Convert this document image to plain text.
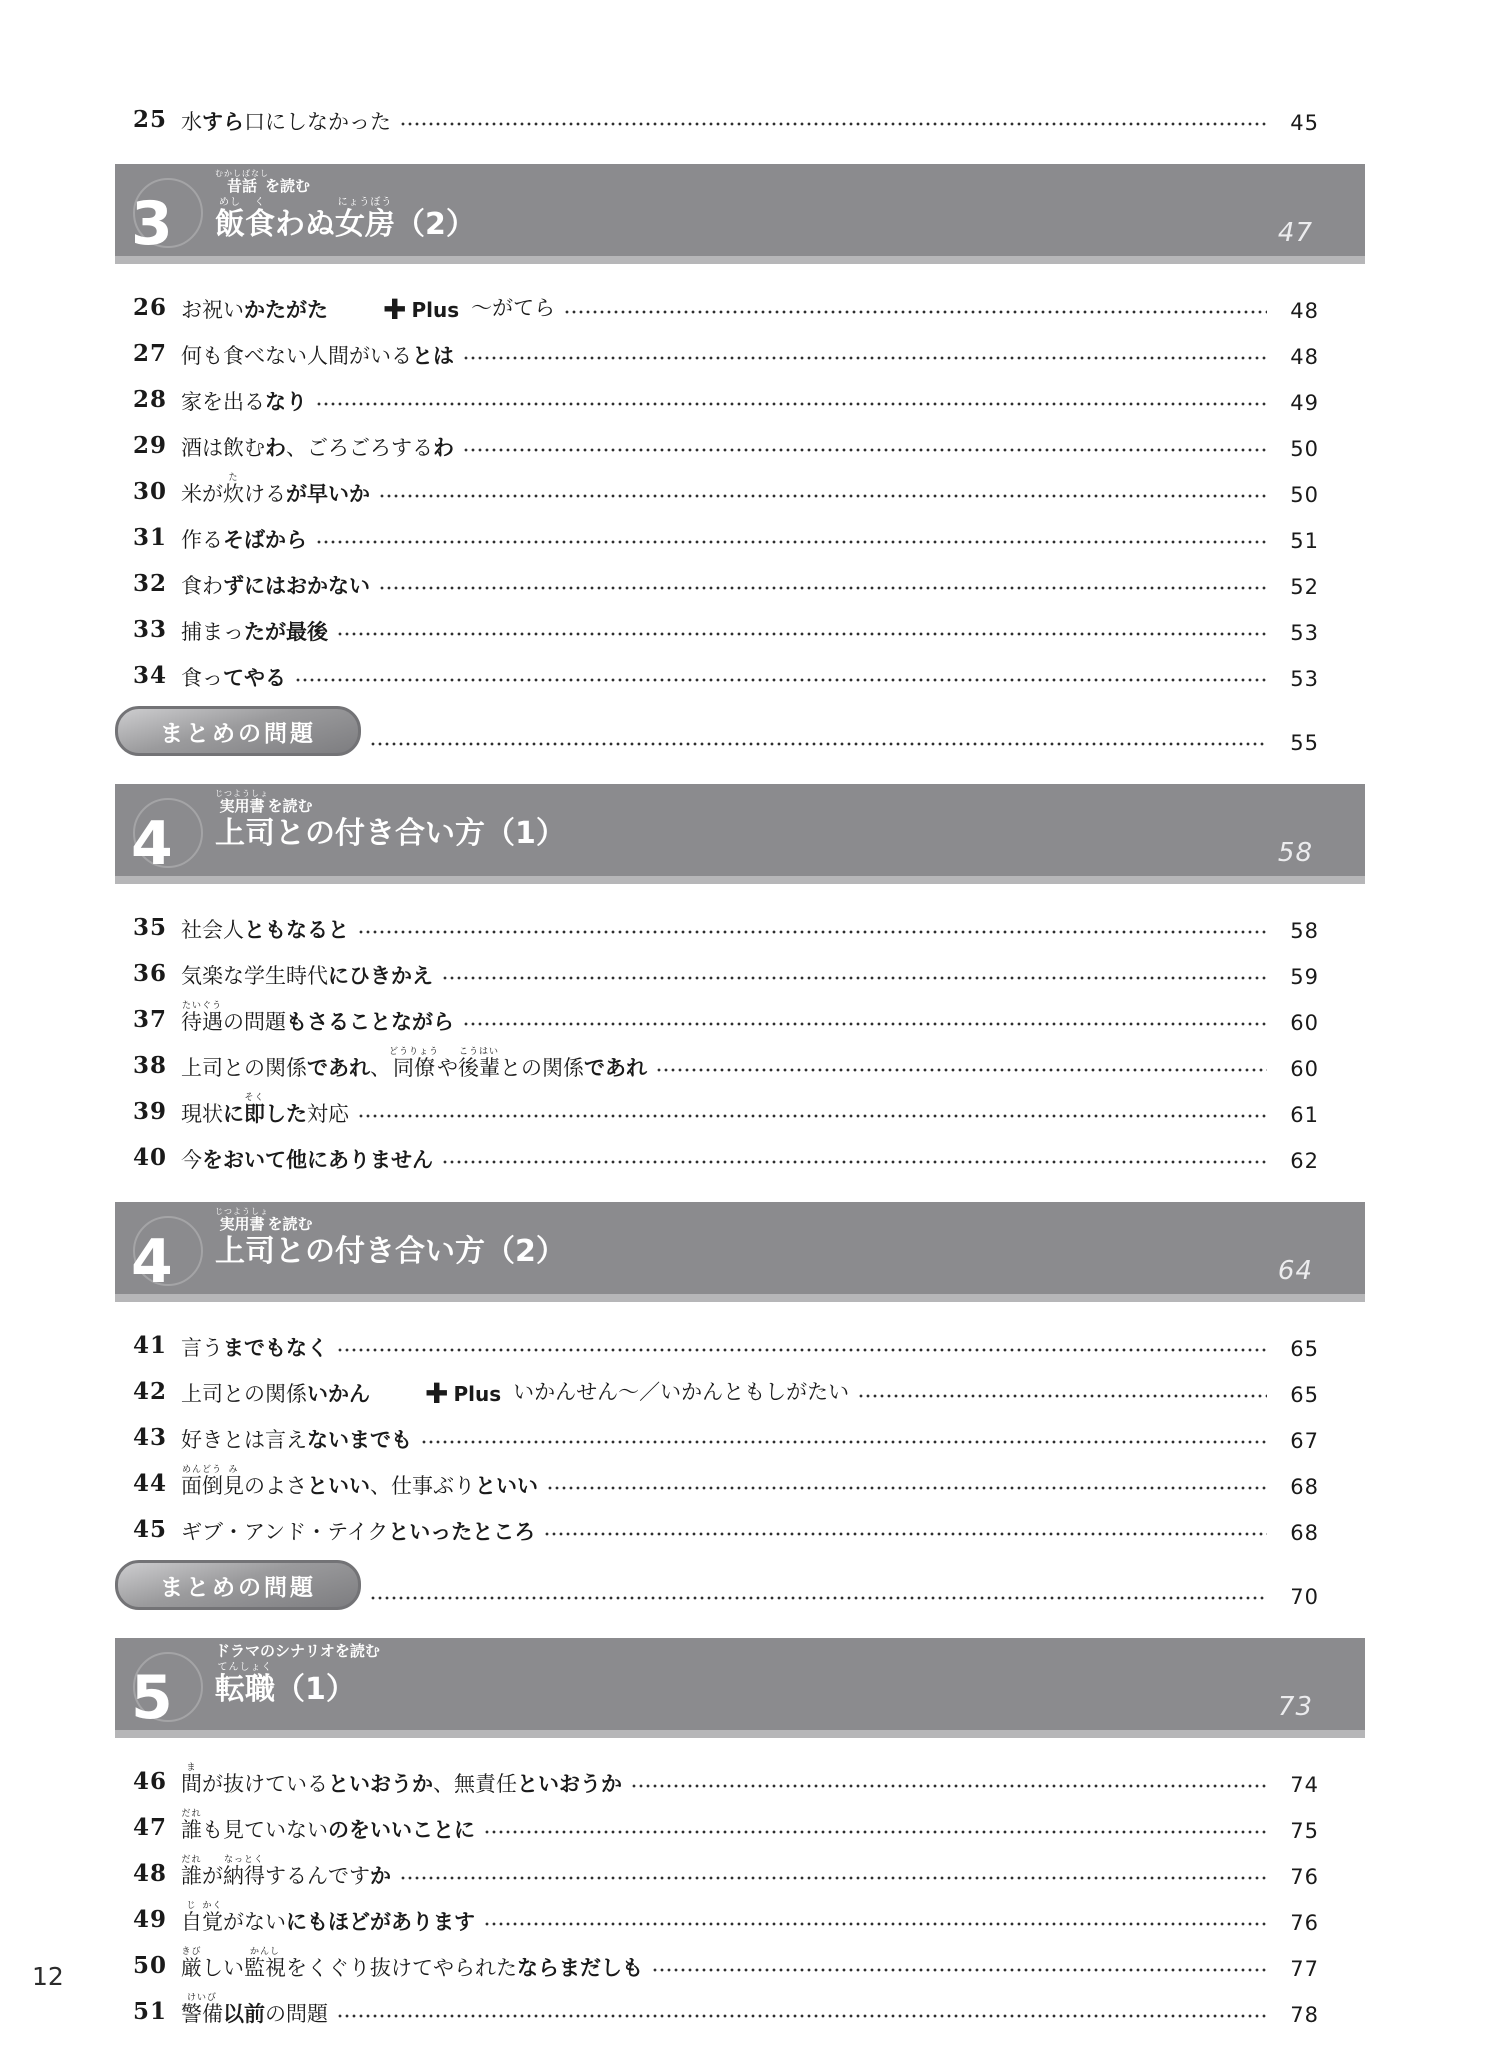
25 水すら口にしなかった	45
3
昔話むかしばなしを読む
飯めし食くわぬ女房にょうぼう（2）	47
26 お祝いかたがた ✚ Plus ～がてら	48
27 何も食べない人間がいるとは	48
28 家を出るなり	49
29 酒は飲むわ、ごろごろするわ	50
30 米が炊たけるが早いか	50
31 作るそばから	51
32 食わずにはおかない	52
33 捕まったが最後	53
34 食ってやる	53
まとめの問題	55
4
実用書じつようしょを読む
上司との付き合い方（1）
58
35 社会人ともなると	58
36 気楽な学生時代にひきかえ	59
37 待遇たいぐうの問題もさることながら	60
38 上司との関係であれ、同僚どうりょうや後輩こうはいとの関係であれ	60
39 現状に即そくした対応	61
40 今をおいて他にありません	62
4
実用書じつようしょを読む
上司との付き合い方（2）
64
41 言うまでもなく	65
42 上司との関係いかん ✚ Plus いかんせん～／いかんともしがたい	65
43 好きとは言えないまでも	67
44 面倒めんどう見みのよさといい、仕事ぶりといい	68
45 ギブ・アンド・テイクといったところ	68
まとめの問題	70
5
ドラマのシナリオを読む
転職てんしょく（1）
73
46 間まが抜けているといおうか、無責任といおうか	74
47 誰だれも見ていないのをいいことに	75
48 誰だれが納得なっとくするんですか	76
49 自じ覚かくがないにもほどがあります	76
50 厳きびしい監視かんしをくぐり抜けてやられたならまだしも	77
51 警備けいび以前の問題	78
12
